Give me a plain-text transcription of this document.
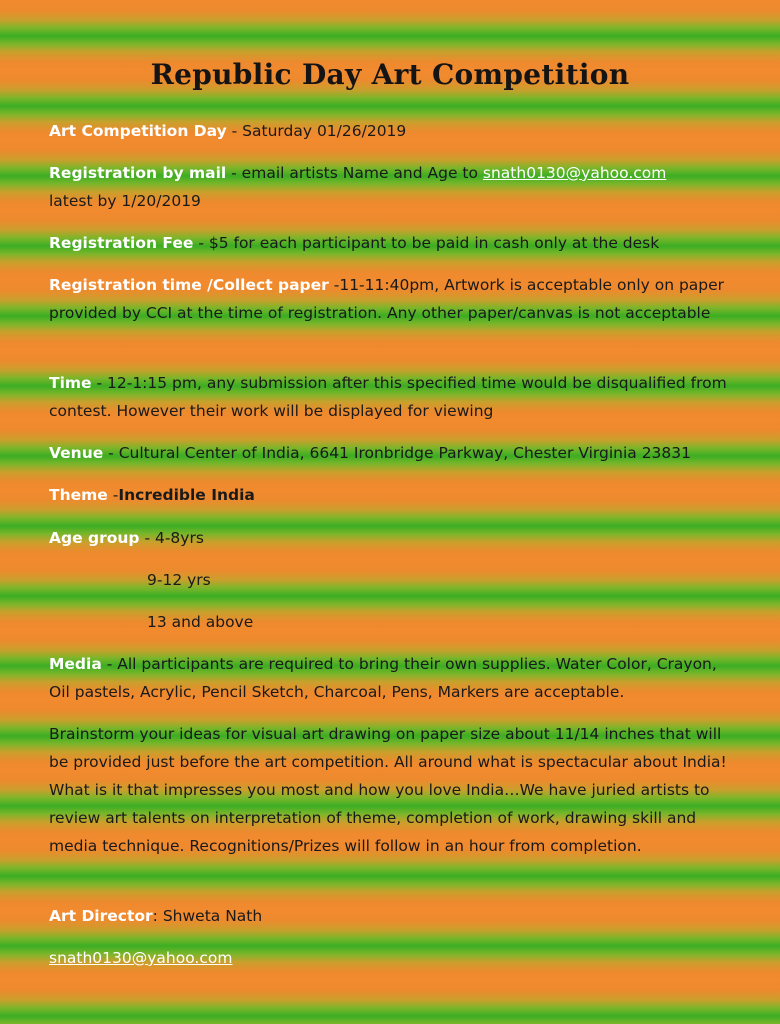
Republic Day Art Competition
Art Competition Day - Saturday 01/26/2019
Registration by mail - email artists Name and Age to snath0130@yahoo.com
latest by 1/20/2019
Registration Fee - $5 for each participant to be paid in cash only at the desk
Registration time /Collect paper -11-11:40pm, Artwork is acceptable only on paper provided by CCI at the time of registration. Any other paper/canvas is not acceptable
Time - 12-1:15 pm, any submission after this specified time would be disqualified from contest. However their work will be displayed for viewing
Venue - Cultural Center of India, 6641 Ironbridge Parkway, Chester Virginia 23831
Theme -Incredible India
Age group - 4-8yrs
9-12 yrs
13 and above
Media - All participants are required to bring their own supplies. Water Color, Crayon, Oil pastels, Acrylic, Pencil Sketch, Charcoal, Pens, Markers are acceptable.
Brainstorm your ideas for visual art drawing on paper size about 11/14 inches that will be provided just before the art competition. All around what is spectacular about India! What is it that impresses you most and how you love India…We have juried artists to review art talents on interpretation of theme, completion of work, drawing skill and media technique. Recognitions/Prizes will follow in an hour from completion.
Art Director: Shweta Nath
snath0130@yahoo.com
